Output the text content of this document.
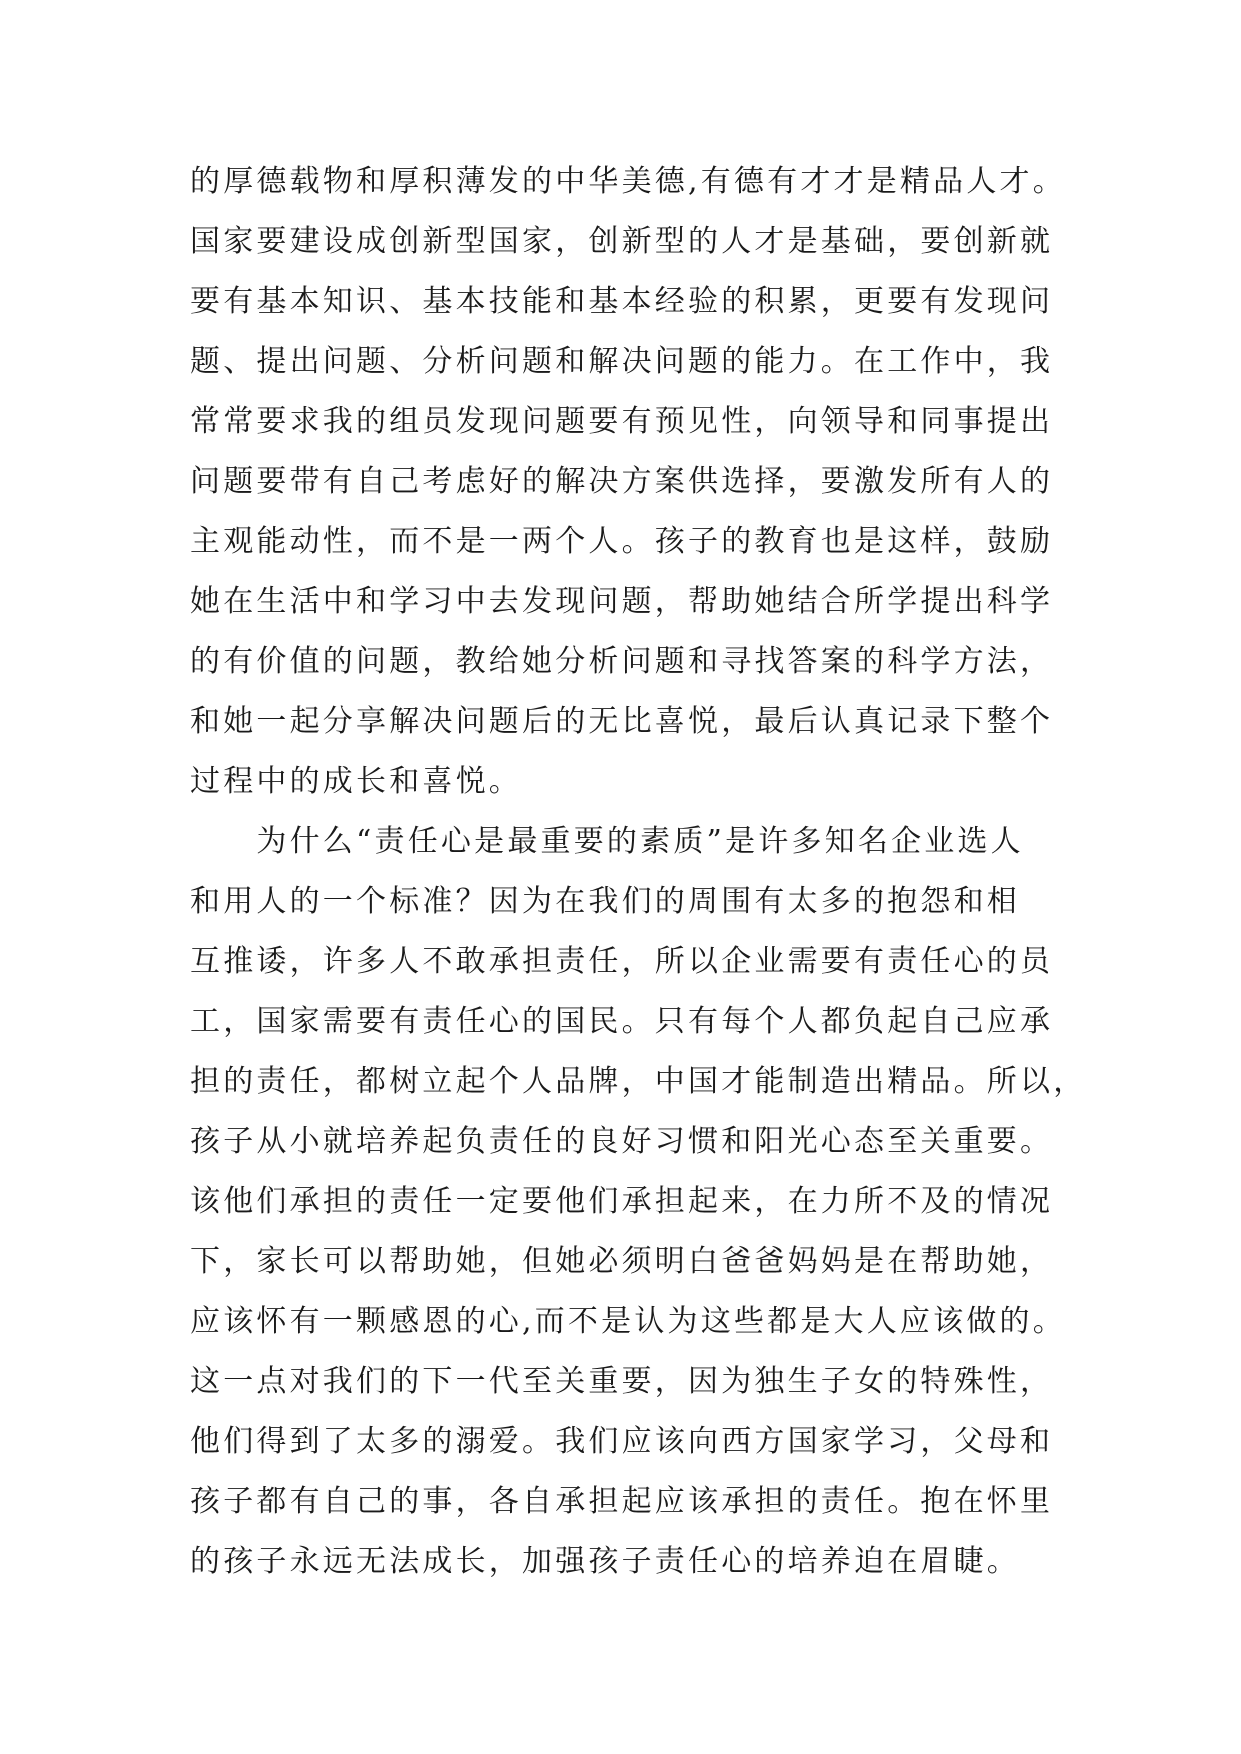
的厚德载物和厚积薄发的中华美德,有德有才才是精品人才。
国家要建设成创新型国家，创新型的人才是基础，要创新就
要有基本知识、基本技能和基本经验的积累，更要有发现问
题、提出问题、分析问题和解决问题的能力。在工作中，我
常常要求我的组员发现问题要有预见性，向领导和同事提出
问题要带有自己考虑好的解决方案供选择，要激发所有人的
主观能动性，而不是一两个人。孩子的教育也是这样，鼓励
她在生活中和学习中去发现问题，帮助她结合所学提出科学
的有价值的问题，教给她分析问题和寻找答案的科学方法，
和她一起分享解决问题后的无比喜悦，最后认真记录下整个
过程中的成长和喜悦。
　　为什么“责任心是最重要的素质”是许多知名企业选人
和用人的一个标准？因为在我们的周围有太多的抱怨和相
互推诿，许多人不敢承担责任，所以企业需要有责任心的员
工，国家需要有责任心的国民。只有每个人都负起自己应承
担的责任，都树立起个人品牌，中国才能制造出精品。所以，
孩子从小就培养起负责任的良好习惯和阳光心态至关重要。
该他们承担的责任一定要他们承担起来，在力所不及的情况
下，家长可以帮助她，但她必须明白爸爸妈妈是在帮助她，
应该怀有一颗感恩的心,而不是认为这些都是大人应该做的。
这一点对我们的下一代至关重要，因为独生子女的特殊性，
他们得到了太多的溺爱。我们应该向西方国家学习，父母和
孩子都有自己的事，各自承担起应该承担的责任。抱在怀里
的孩子永远无法成长，加强孩子责任心的培养迫在眉睫。
